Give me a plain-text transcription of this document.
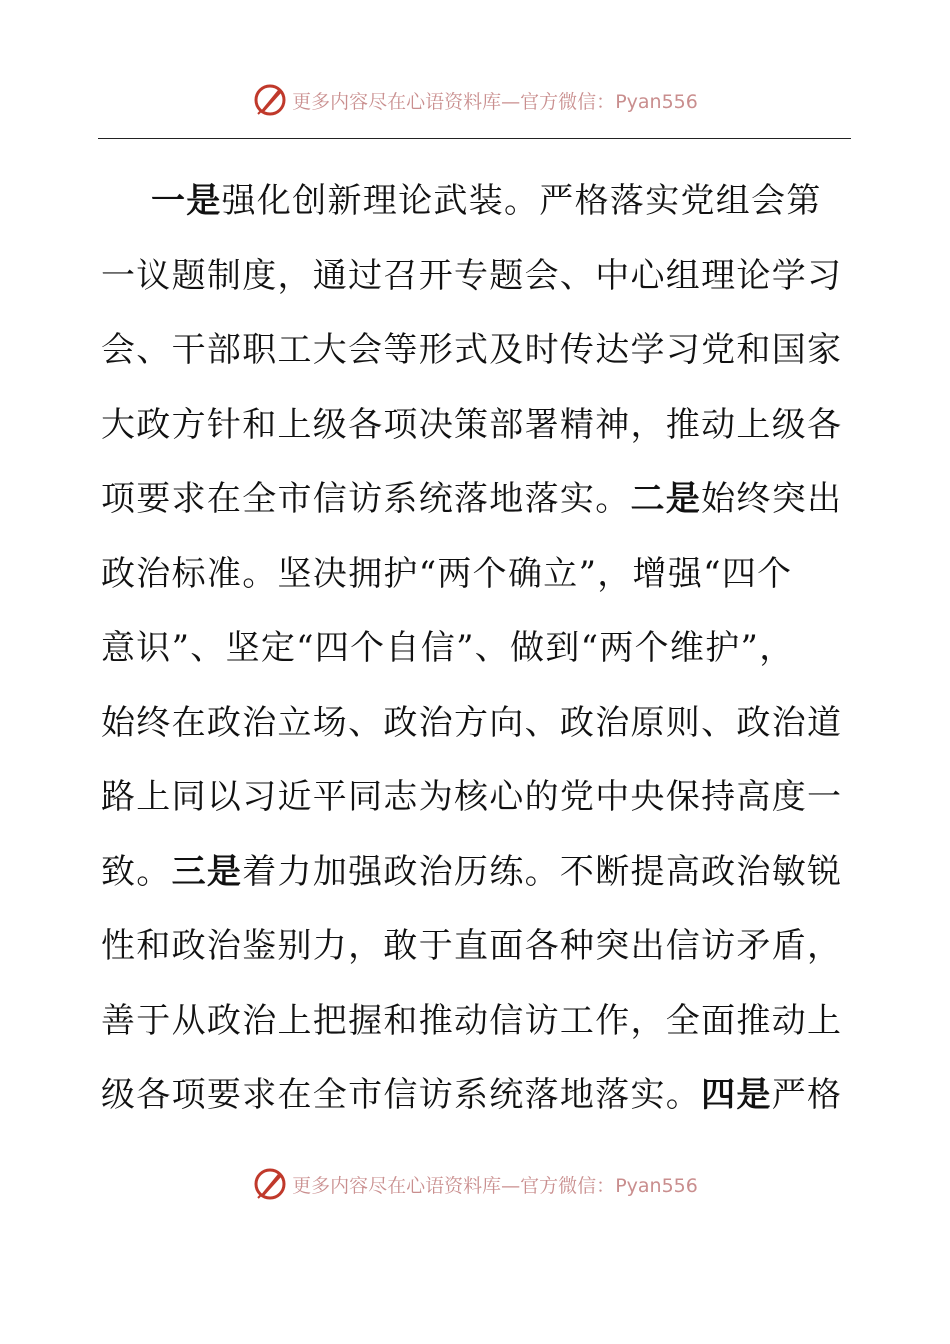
更多内容尽在心语资料库—官方微信：Pyan556
一是强化创新理论武装。严格落实党组会第
一议题制度，通过召开专题会、中心组理论学习
会、干部职工大会等形式及时传达学习党和国家
大政方针和上级各项决策部署精神，推动上级各
项要求在全市信访系统落地落实。二是始终突出
政治标准。坚决拥护“两个确立”，增强“四个
意识”、坚定“四个自信”、做到“两个维护”，
始终在政治立场、政治方向、政治原则、政治道
路上同以习近平同志为核心的党中央保持高度一
致。三是着力加强政治历练。不断提高政治敏锐
性和政治鉴别力，敢于直面各种突出信访矛盾，
善于从政治上把握和推动信访工作，全面推动上
级各项要求在全市信访系统落地落实。四是严格
更多内容尽在心语资料库—官方微信：Pyan556
